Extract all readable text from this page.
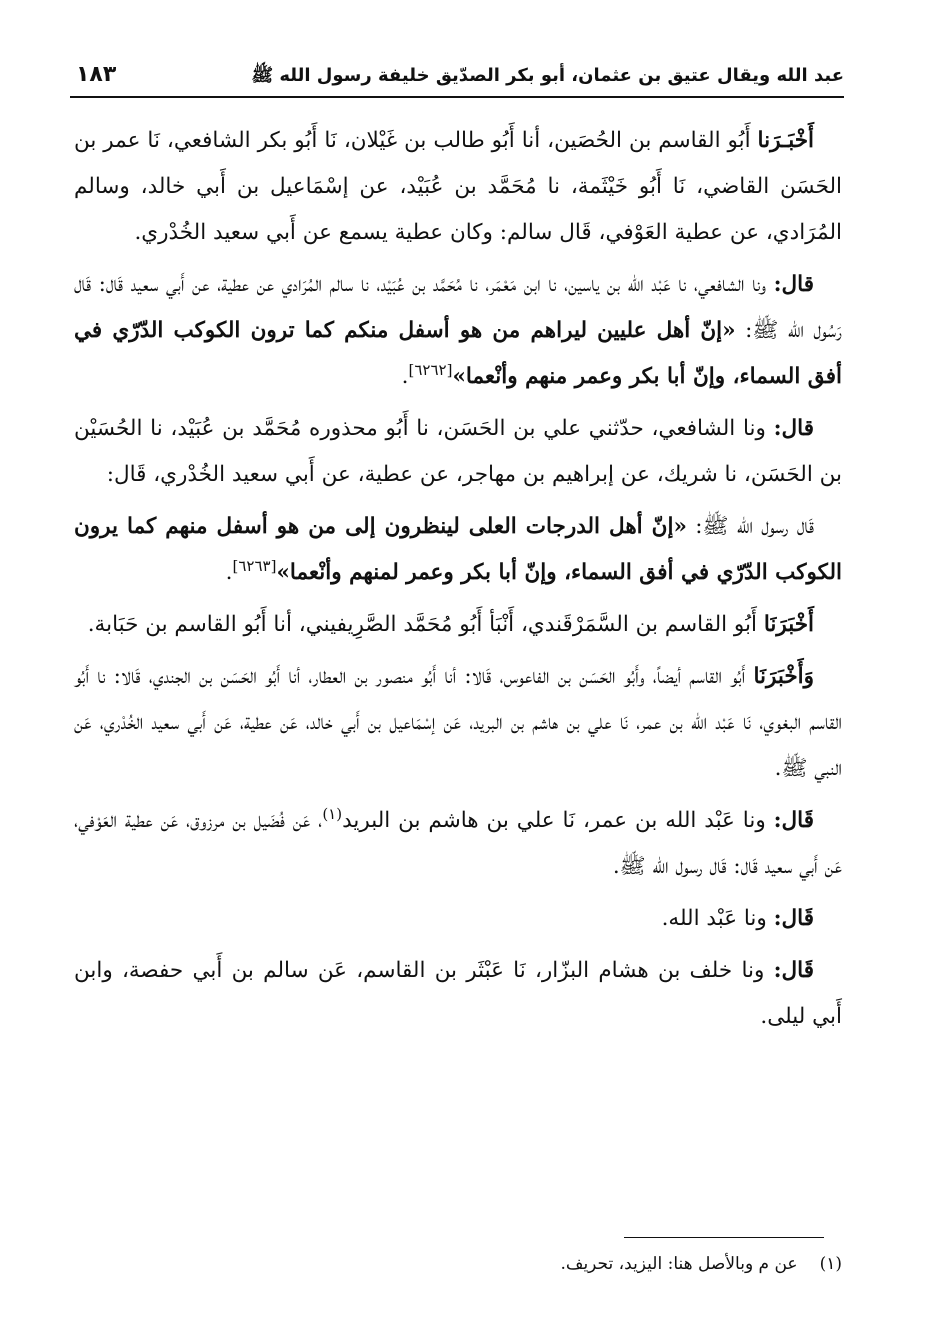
عبد الله ويقال عتيق بن عثمان، أبو بكر الصدّيق خليفة رسول الله ﷺ
١٨٣

أَخْبَـرَنا أَبُو القاسم بن الحُصَين، أنا أَبُو طالب بن غَيْلان، نَا أَبُو بكر الشافعي، نَا عمر بن الحَسَن القاضي، نَا أَبُو خَيْثَمة، نا مُحَمَّد بن عُبَيْد، عن إسْمَاعيل بن أَبي خالد، وسالم المُرَادي، عن عطية العَوْفي، قَال سالم: وكان عطية يسمع عن أَبي سعيد الخُدْري.

قال: ونا الشافعي، نا عَبْد الله بن ياسين، نا ابن مَعْمَر، نا مُحَمَّد بن عُبَيْد، نا سالم المُرَادي عن عطية، عن أَبي سعيد قَال: قَال رَسُول الله ﷺ: «إنّ أهل عليين ليراهم من هو أسفل منكم كما ترون الكوكب الدّرّي في أفق السماء، وإنّ أبا بكر وعمر منهم وأنْعما»[٦٢٦٢].

قال: ونا الشافعي، حدّثني علي بن الحَسَن، نا أَبُو محذوره مُحَمَّد بن عُبَيْد، نا الحُسَيْن بن الحَسَن، نا شريك، عن إبراهيم بن مهاجر، عن عطية، عن أَبي سعيد الخُدْري، قَال:

قَال رسول الله ﷺ: «إنّ أهل الدرجات العلى لينظرون إلى من هو أسفل منهم كما يرون الكوكب الدّرّي في أفق السماء، وإنّ أبا بكر وعمر لمنهم وأنْعما»[٦٢٦٣].

أَخْبَرَنَا أَبُو القاسم بن السَّمَرْقَندي، أَنْبَأ أَبُو مُحَمَّد الصَّرِيفيني، أنا أَبُو القاسم بن حَبَابة.

وَأَخْبَرَنَا أَبُو القاسم أيضاً، وأَبُو الحَسَن بن الفاعوس، قَالا: أنا أَبُو منصور بن العطار، أنا أَبُو الحَسَن بن الجندي، قَالا: نا أَبُو القاسم البغوي، نَا عَبْد الله بن عمر، نَا علي بن هاشم بن البريد، عَن إسْمَاعيل بن أَبي خالد، عَن عطية، عَن أَبي سعيد الخُدْري، عَن النبي ﷺ.

قَال: ونا عَبْد الله بن عمر، نَا علي بن هاشم بن البريد$^{(١)}$، عَن فُضَيل بن مرزوق، عَن عطية العَوْفي، عَن أَبي سعيد قَال: قَال رسول الله ﷺ.

قَال: ونا عَبْد الله.

قَال: ونا خلف بن هشام البزّار، نَا عَبْثَر بن القاسم، عَن سالم بن أَبي حفصة، وابن أَبي ليلى.

(١)عن م وبالأصل هنا: اليزيد، تحريف.
